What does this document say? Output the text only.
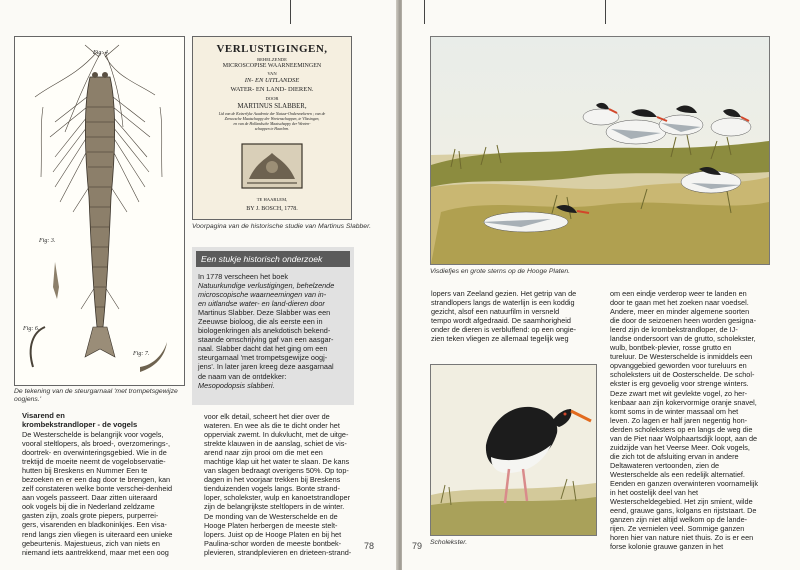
Fig: 4.
Fig: 3.
Fig: 6.
Fig: 7.
De tekening van de steurgarnaal 'met trompetsgewijze
oogjens.'
VERLUSTIGINGEN,
BEHELZENDE
MICROSCOPISE WAARNEEMINGEN
VAN
IN- EN UITLANDSE
WATER- EN LAND- DIEREN.
DOOR
MARTINUS SLABBER,
Lid van de Keizerlyke Academie der Natuur-Onderzoekeren ; van de
Zeeuwsche Maatschappy der Weetenschappen, te Vlissingen,
en van de Hollandsche Maatschappy der Weeten-
schappen te Haarlem.
TE HAARLEM,
BY J. BOSCH, 1778.
Voorpagina van de historische studie van Martinus Slabber.
Een stukje historisch onderzoek
In 1778 verscheen het boek
Natuurkundige verlustigingen, behelzende
microscopische waarneemingen van in-
en uitlandse water- en land-dieren door
Martinus Slabber. Deze Slabber was een
Zeeuwse bioloog, die als eerste een in
biologenkringen als anekdotisch bekend-
staande omschrijving gaf van een aasgar-
naal. Slabber dacht dat het ging om een
steurgarnaal 'met trompetsgewijze oogj-
jens'. In later jaren kreeg deze aasgarnaal
de naam van de ontdekker:
Mesopodopsis slabberi.
Visarend en
krombekstrandloper - de vogels
De Westerschelde is belangrijk voor vogels,
vooral steltlopers, als broed-, overzomerings-,
doortrek- en overwinteringsgebied. Wie in de
trektijd de moeite neemt de vogelobservatie-
hutten bij Breskens en Nummer Een te
bezoeken en er een dag door te brengen, kan
zelf constateren welke bonte verschei-denheid
aan vogels passeert. Daar zitten uiteraard
ook vogels bij die in Nederland zeldzame
gasten zijn, zoals grote piepers, purperrei-
gers, visarenden en bladkoninkjes. Een visa-
rend langs zien vliegen is uiteraard een unieke
gebeurtenis. Majestueus, zich van niets en
niemand iets aantrekkend, maar met een oog
voor elk detail, scheert het dier over de
wateren. En wee als die te dicht onder het
opperviak zwemt. In dukvlucht, met de uitge-
strekte klauwen in de aanslag, schiet de vis-
arend naar zijn prooi om die met een
machtige klap uit het water te slaan. De kans
van slagen bedraagt overigens 50%. Op top-
dagen in het voorjaar trekken bij Breskens
tienduizenden vogels langs. Bonte strand-
loper, scholekster, wulp en kanoetstrandloper
zijn de belangrijkste steltlopers in de winter.
De monding van de Westerschelde en de
Hooge Platen herbergen de meeste stelt-
lopers. Juist op de Hooge Platen en bij het
Paulina-schor worden de meeste bontbek-
plevieren, strandplevieren en drieteen-strand-
78
Visdiefjes en grote sterns op de Hooge Platen.
lopers van Zeeland gezien. Het getrip van de
strandlopers langs de waterlijn is een koddig
gezicht, alsof een natuurfilm in versneld
tempo wordt afgedraaid. De saamhorigheid
onder de dieren is verbluffend: op een ongie-
zien teken vliegen ze allemaal tegelijk weg
Scholekster.
om een eindje verderop weer te landen en
door te gaan met het zoeken naar voedsel.
Andere, meer en minder algemene soorten
die door de seizoenen heen worden gesigna-
leerd zijn de krombekstrandloper, de IJ-
landse ondersoort van de grutto, scholekster,
wulb, bontbek-plevier, rosse grutto en
tureluur. De Westerschelde is inmiddels een
opvanggebied geworden voor tureluurs en
scholeksters uit de Oosterschelde. De schol-
ekster is erg gevoelig voor strenge winters.
Deze zwart met wit gevlekte vogel, zo her-
kenbaar aan zijn kokervormige oranje snavel,
komt soms in de winter massaal om het
leven. Zo lagen er half jaren negentig hon-
derden scholeksters op en langs de weg die
van de Piet naar Wolphaartsdijk loopt, aan de
zuidzijde van het Veerse Meer. Ook vogels,
die zich tot de afsluiting ervan in andere
Deltawateren vertoonden, zien de
Westerschelde als een redelijk alternatief.
Eenden en ganzen overwinteren voornamelijk
in het oostelijk deel van het
Westerscheldegebied. Het zijn smient, wilde
eend, grauwe gans, kolgans en rijststaart. De
ganzen zijn niet altijd welkom op de lande-
rijen. Ze vernielen veel. Sommige ganzen
horen hier van nature niet thuis. Zo is er een
forse kolonie grauwe ganzen in het
79
